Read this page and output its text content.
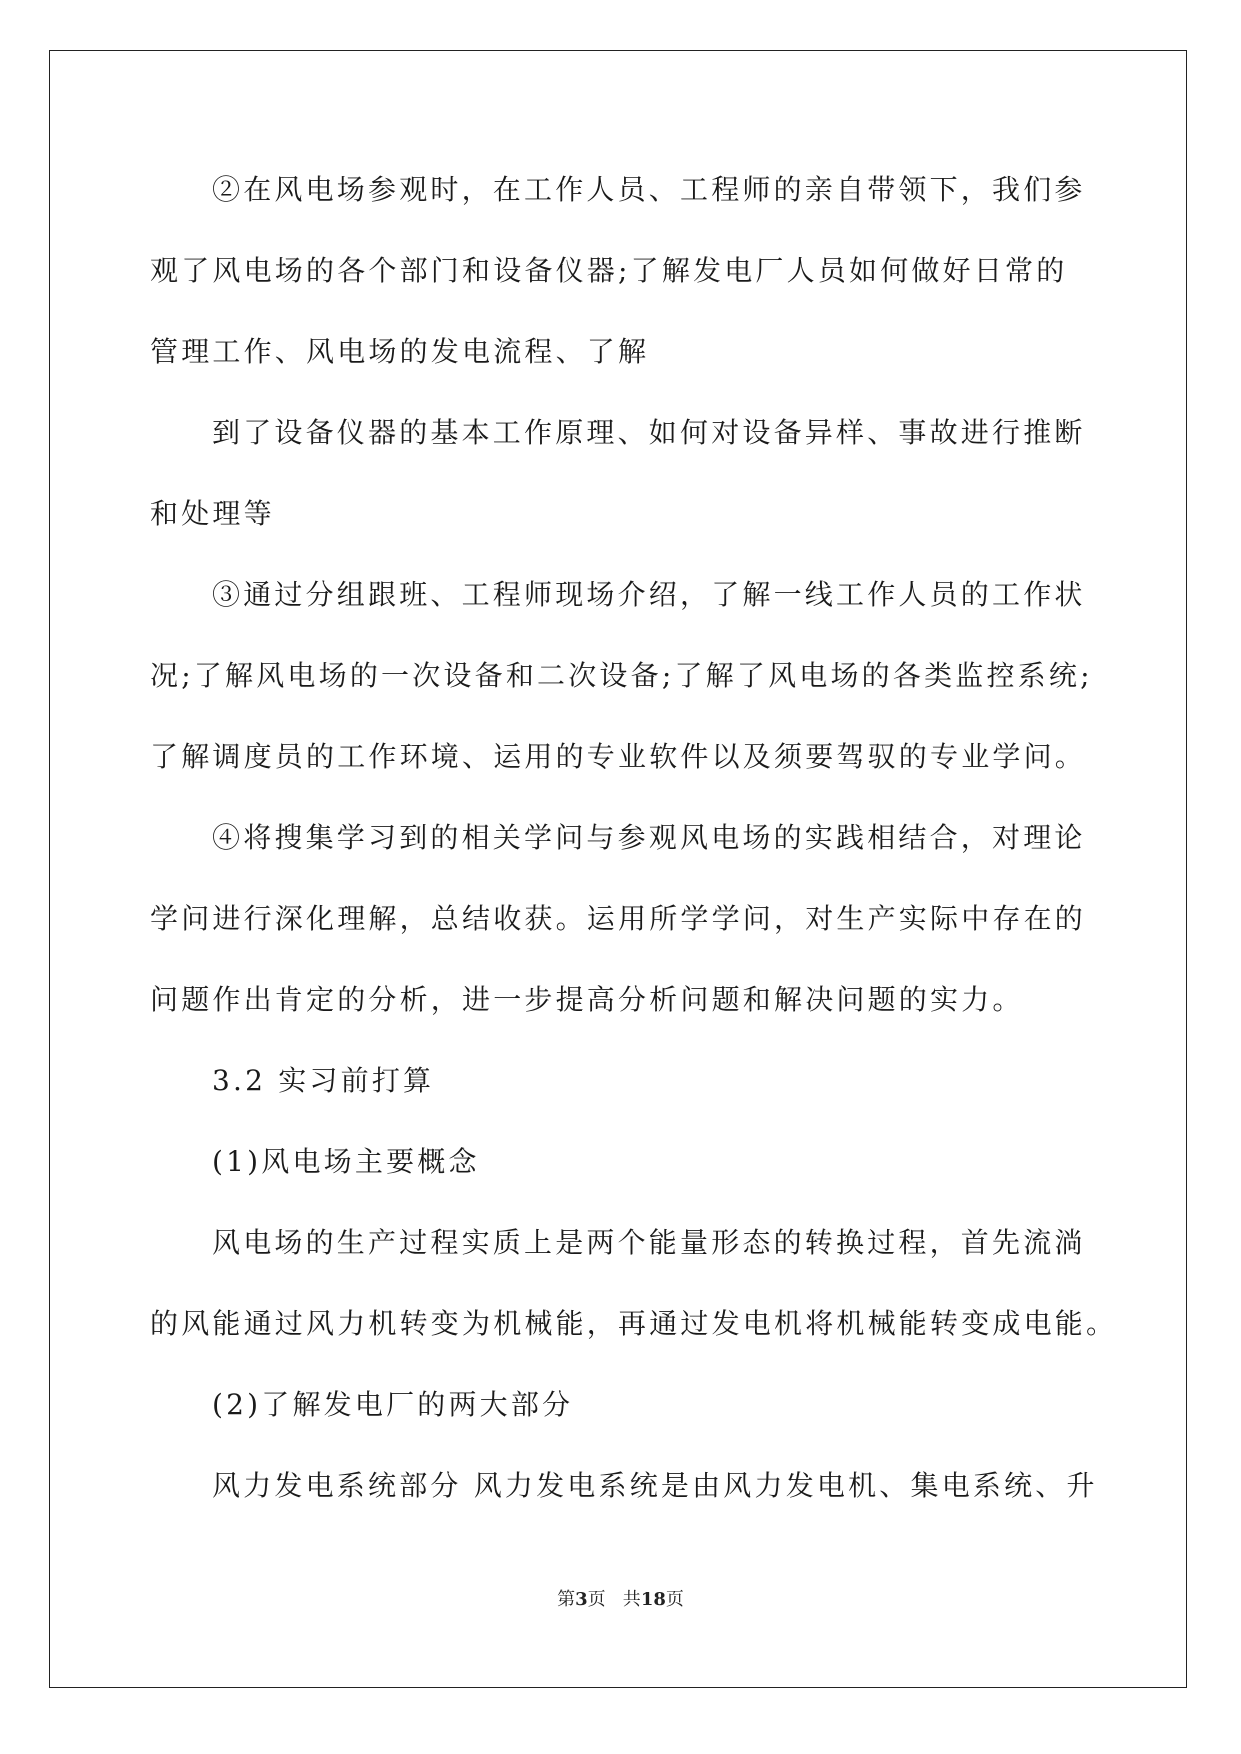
②在风电场参观时，在工作人员、工程师的亲自带领下，我们参
观了风电场的各个部门和设备仪器;了解发电厂人员如何做好日常的
管理工作、风电场的发电流程、了解
到了设备仪器的基本工作原理、如何对设备异样、事故进行推断
和处理等
③通过分组跟班、工程师现场介绍，了解一线工作人员的工作状
况;了解风电场的一次设备和二次设备;了解了风电场的各类监控系统;
了解调度员的工作环境、运用的专业软件以及须要驾驭的专业学问。
④将搜集学习到的相关学问与参观风电场的实践相结合，对理论
学问进行深化理解，总结收获。运用所学学问，对生产实际中存在的
问题作出肯定的分析，进一步提高分析问题和解决问题的实力。
3.2 实习前打算
(1)风电场主要概念
风电场的生产过程实质上是两个能量形态的转换过程，首先流淌
的风能通过风力机转变为机械能，再通过发电机将机械能转变成电能。
(2)了解发电厂的两大部分
风力发电系统部分 风力发电系统是由风力发电机、集电系统、升
第3页   共18页
